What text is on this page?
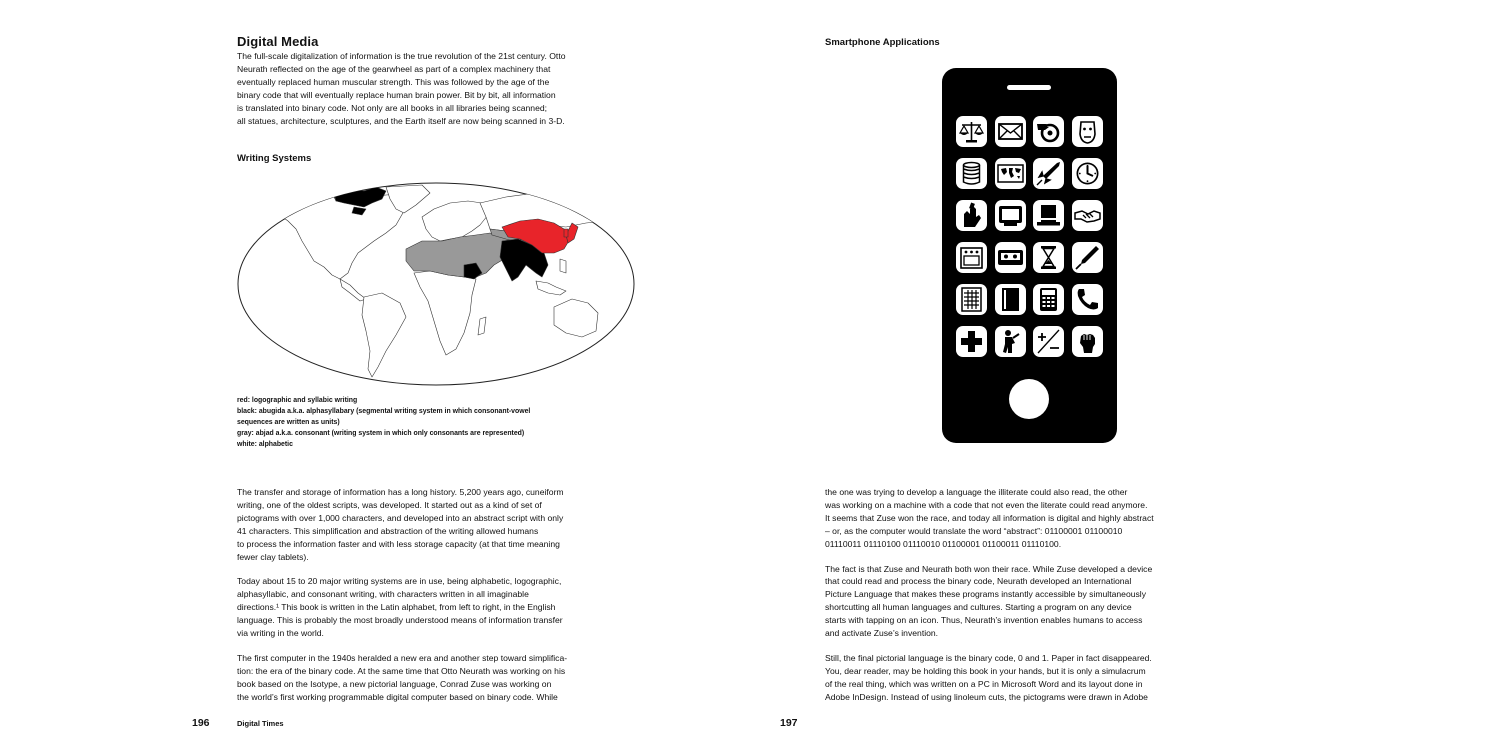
Digital Media
The full-scale digitalization of information is the true revolution of the 21st century. Otto
Neurath reflected on the age of the gearwheel as part of a complex machinery that
eventually replaced human muscular strength. This was followed by the age of the
binary code that will eventually replace human brain power. Bit by bit, all information
is translated into binary code. Not only are all books in all libraries being scanned;
all statues, architecture, sculptures, and the Earth itself are now being scanned in 3-D.
Writing Systems
red: logographic and syllabic writing
black: abugida a.k.a. alphasyllabary (segmental writing system in which consonant-vowel
sequences are written as units)
gray: abjad a.k.a. consonant (writing system in which only consonants are represented)
white: alphabetic
The transfer and storage of information has a long history. 5,200 years ago, cuneiform
writing, one of the oldest scripts, was developed. It started out as a kind of set of
pictograms with over 1,000 characters, and developed into an abstract script with only
41 characters. This simplification and abstraction of the writing allowed humans
to process the information faster and with less storage capacity (at that time meaning
fewer clay tablets).
Today about 15 to 20 major writing systems are in use, being alphabetic, logographic,
alphasyllabic, and consonant writing, with characters written in all imaginable
directions.¹ This book is written in the Latin alphabet, from left to right, in the English
language. This is probably the most broadly understood means of information transfer
via writing in the world.
The first computer in the 1940s heralded a new era and another step toward simplifica-
tion: the era of the binary code. At the same time that Otto Neurath was working on his
book based on the Isotype, a new pictorial language, Conrad Zuse was working on
the world’s first working programmable digital computer based on binary code. While
196	Digital Times
Smartphone Applications
the one was trying to develop a language the illiterate could also read, the other
was working on a machine with a code that not even the literate could read anymore.
It seems that Zuse won the race, and today all information is digital and highly abstract
– or, as the computer would translate the word “abstract”: 01100001 01100010
01110011 01110100 01110010 01100001 01100011 01110100.
The fact is that Zuse and Neurath both won their race. While Zuse developed a device
that could read and process the binary code, Neurath developed an International
Picture Language that makes these programs instantly accessible by simultaneously
shortcutting all human languages and cultures. Starting a program on any device
starts with tapping on an icon. Thus, Neurath’s invention enables humans to access
and activate Zuse’s invention.
Still, the final pictorial language is the binary code, 0 and 1. Paper in fact disappeared.
You, dear reader, may be holding this book in your hands, but it is only a simulacrum
of the real thing, which was written on a PC in Microsoft Word and its layout done in
Adobe InDesign. Instead of using linoleum cuts, the pictograms were drawn in Adobe
197
